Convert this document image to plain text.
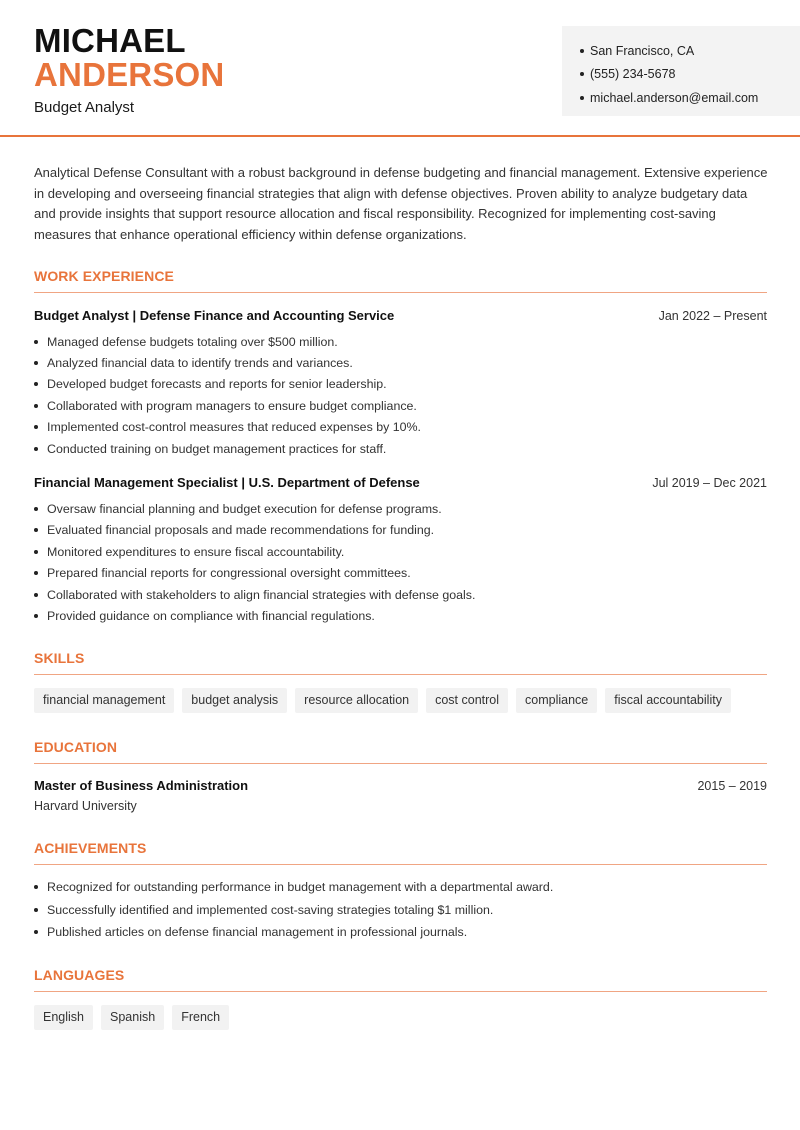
MICHAEL
ANDERSON
Budget Analyst
San Francisco, CA
(555) 234-5678
michael.anderson@email.com

Analytical Defense Consultant with a robust background in defense budgeting and financial management. Extensive experience in developing and overseeing financial strategies that align with defense objectives. Proven ability to analyze budgetary data and provide insights that support resource allocation and fiscal responsibility. Recognized for implementing cost-saving measures that enhance operational efficiency within defense organizations.

WORK EXPERIENCE
Budget Analyst | Defense Finance and Accounting Service	Jan 2022 – Present
Managed defense budgets totaling over $500 million.
Analyzed financial data to identify trends and variances.
Developed budget forecasts and reports for senior leadership.
Collaborated with program managers to ensure budget compliance.
Implemented cost-control measures that reduced expenses by 10%.
Conducted training on budget management practices for staff.
Financial Management Specialist | U.S. Department of Defense	Jul 2019 – Dec 2021
Oversaw financial planning and budget execution for defense programs.
Evaluated financial proposals and made recommendations for funding.
Monitored expenditures to ensure fiscal accountability.
Prepared financial reports for congressional oversight committees.
Collaborated with stakeholders to align financial strategies with defense goals.
Provided guidance on compliance with financial regulations.
SKILLS
financial management	budget analysis	resource allocation	cost control	compliance	fiscal accountability
EDUCATION
Master of Business Administration	2015 – 2019
Harvard University
ACHIEVEMENTS
Recognized for outstanding performance in budget management with a departmental award.
Successfully identified and implemented cost-saving strategies totaling $1 million.
Published articles on defense financial management in professional journals.
LANGUAGES
English	Spanish	French
